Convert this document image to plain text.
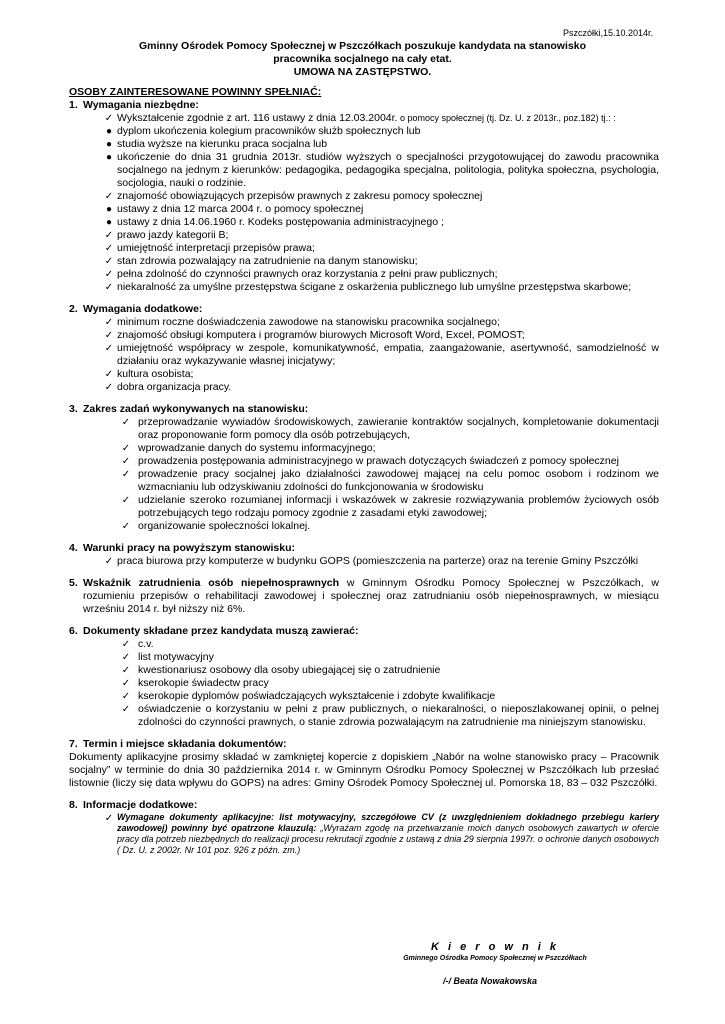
Pszczółki,15.10.2014r.
Gminny Ośrodek Pomocy Społecznej w Pszczółkach poszukuje kandydata na stanowisko
pracownika socjalnego na cały etat.
UMOWA NA ZASTĘPSTWO.
OSOBY ZAINTERESOWANE POWINNY SPEŁNIAĆ:
1. Wymagania niezbędne:
✓ Wykształcenie zgodnie z art. 116 ustawy z dnia 12.03.2004r. o pomocy społecznej (tj. Dz. U. z 2013r., poz.182) tj.: :
● dyplom ukończenia kolegium pracowników służb społecznych lub
● studia wyższe na kierunku praca socjalna lub
● ukończenie do dnia 31 grudnia 2013r. studiów wyższych o specjalności przygotowującej do zawodu pracownika socjalnego na jednym z kierunków: pedagogika, pedagogika specjalna, politologia, polityka społeczna, psychologia, socjologia, nauki o rodzinie.
✓ znajomość obowiązujących przepisów prawnych z zakresu pomocy społecznej
● ustawy z dnia 12 marca 2004 r. o pomocy społecznej
● ustawy z dnia 14.06.1960 r. Kodeks postępowania administracyjnego ;
✓ prawo jazdy kategorii B;
✓ umiejętność interpretacji przepisów prawa;
✓ stan zdrowia pozwalający na zatrudnienie na danym stanowisku;
✓ pełna zdolność do czynności prawnych oraz korzystania z pełni praw publicznych;
✓ niekaralność za umyślne przestępstwa ścigane z oskarżenia publicznego lub umyślne przestępstwa skarbowe;
2. Wymagania dodatkowe:
✓ minimum roczne doświadczenia zawodowe na stanowisku pracownika socjalnego;
✓ znajomość obsługi komputera i programów biurowych Microsoft Word, Excel, POMOST;
✓ umiejętność współpracy w zespole, komunikatywność, empatia, zaangażowanie, asertywność, samodzielność w działaniu oraz wykazywanie własnej inicjatywy;
✓ kultura osobista;
✓ dobra organizacja pracy.
3. Zakres zadań wykonywanych na stanowisku:
✓ przeprowadzanie wywiadów środowiskowych, zawieranie kontraktów socjalnych, kompletowanie dokumentacji oraz proponowanie form pomocy dla osób potrzebujących,
✓ wprowadzanie danych do systemu informacyjnego;
✓ prowadzenia postępowania administracyjnego w prawach dotyczących świadczeń z pomocy społecznej
✓ prowadzenie pracy socjalnej jako działalności zawodowej mającej na celu pomoc osobom i rodzinom we wzmacnianiu lub odzyskiwaniu zdolności do funkcjonowania w środowisku
✓ udzielanie szeroko rozumianej informacji i wskazówek w zakresie rozwiązywania problemów życiowych osób potrzebujących tego rodzaju pomocy zgodnie z zasadami etyki zawodowej;
✓ organizowanie społeczności lokalnej.
4. Warunki pracy na powyższym stanowisku:
✓ praca biurowa przy komputerze w budynku GOPS (pomieszczenia na parterze) oraz na terenie Gminy Pszczółki
5. Wskaźnik zatrudnienia osób niepełnosprawnych w Gminnym Ośrodku Pomocy Społecznej w Pszczółkach, w rozumieniu przepisów o rehabilitacji zawodowej i społecznej oraz zatrudnianiu osób niepełnosprawnych, w miesiącu wrześniu 2014 r. był niższy niż 6%.
6. Dokumenty składane przez kandydata muszą zawierać:
✓ c.v.
✓ list motywacyjny
✓ kwestionariusz osobowy dla osoby ubiegającej się o zatrudnienie
✓ kserokopie świadectw pracy
✓ kserokopie dyplomów poświadczających wykształcenie i zdobyte kwalifikacje
✓ oświadczenie o korzystaniu w pełni z praw publicznych, o niekaralności, o nieposzlakowanej opinii, o pełnej zdolności do czynności prawnych, o stanie zdrowia pozwalającym na zatrudnienie ma niniejszym stanowisku.
7. Termin i miejsce składania dokumentów:
Dokumenty aplikacyjne prosimy składać w zamkniętej kopercie z dopiskiem „Nabór na wolne stanowisko pracy – Pracownik socjalny” w terminie do dnia 30 października 2014 r. w Gminnym Ośrodku Pomocy Społecznej w Pszczółkach lub przesłać listownie (liczy się data wpływu do GOPS) na adres: Gminy Ośrodek Pomocy Społecznej ul. Pomorska 18, 83 – 032 Pszczółki.
8. Informacje dodatkowe:
✓ Wymagane dokumenty aplikacyjne: list motywacyjny, szczegółowe CV (z uwzględnieniem dokładnego przebiegu kariery zawodowej) powinny być opatrzone klauzulą: „Wyrażam zgodę na przetwarzanie moich danych osobowych zawartych w ofercie pracy dla potrzeb niezbędnych do realizacji procesu rekrutacji zgodnie z ustawą z dnia 29 sierpnia 1997r. o ochronie danych osobowych ( Dz. U. z 2002r. Nr 101 poz. 926 z późn. zm.)
K i e r o w n i k
Gminnego Ośrodka Pomocy Społecznej w Pszczółkach
/-/ Beata Nowakowska
